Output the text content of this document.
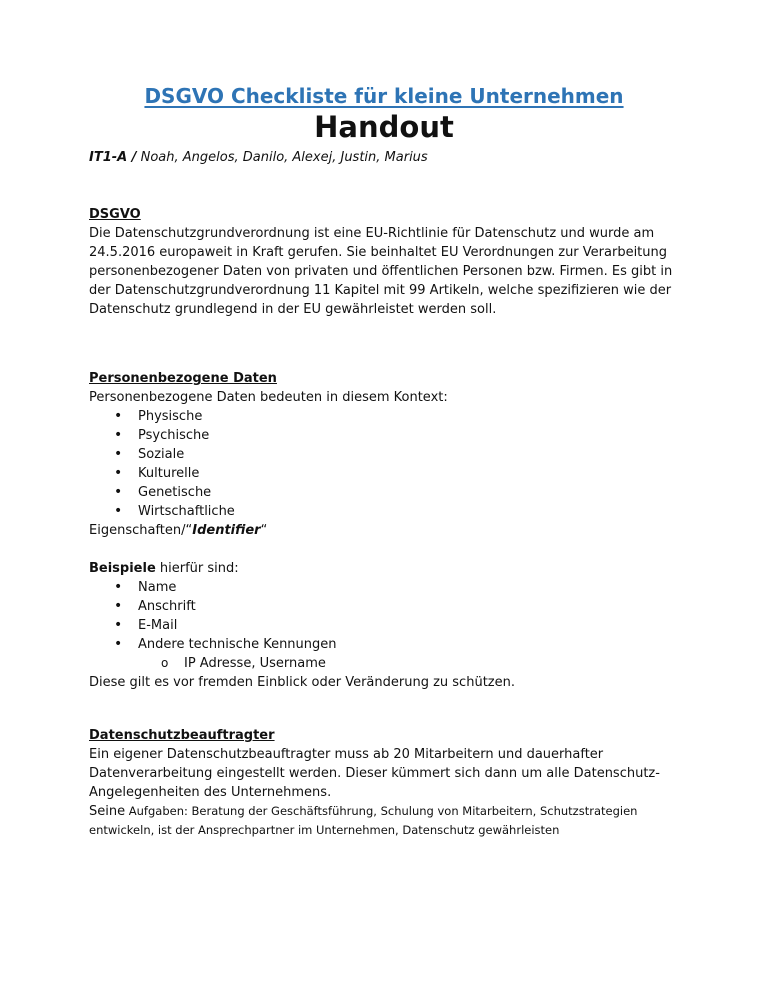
DSGVO Checkliste für kleine Unternehmen
Handout
IT1-A / Noah, Angelos, Danilo, Alexej, Justin, Marius
DSGVO
Die Datenschutzgrundverordnung ist eine EU-Richtlinie für Datenschutz und wurde am
24.5.2016 europaweit in Kraft gerufen. Sie beinhaltet EU Verordnungen zur Verarbeitung
personenbezogener Daten von privaten und öffentlichen Personen bzw. Firmen. Es gibt in
der Datenschutzgrundverordnung 11 Kapitel mit 99 Artikeln, welche spezifizieren wie der
Datenschutz grundlegend in der EU gewährleistet werden soll.
Personenbezogene Daten
Personenbezogene Daten bedeuten in diesem Kontext:
• Physische
• Psychische
• Soziale
• Kulturelle
• Genetische
• Wirtschaftliche
Eigenschaften/“Identifier“
Beispiele hierfür sind:
• Name
• Anschrift
• E-Mail
• Andere technische Kennungen
o IP Adresse, Username
Diese gilt es vor fremden Einblick oder Veränderung zu schützen.
Datenschutzbeauftragter
Ein eigener Datenschutzbeauftragter muss ab 20 Mitarbeitern und dauerhafter
Datenverarbeitung eingestellt werden. Dieser kümmert sich dann um alle Datenschutz-
Angelegenheiten des Unternehmens.
Seine Aufgaben: Beratung der Geschäftsführung, Schulung von Mitarbeitern, Schutzstrategien
entwickeln, ist der Ansprechpartner im Unternehmen, Datenschutz gewährleisten
